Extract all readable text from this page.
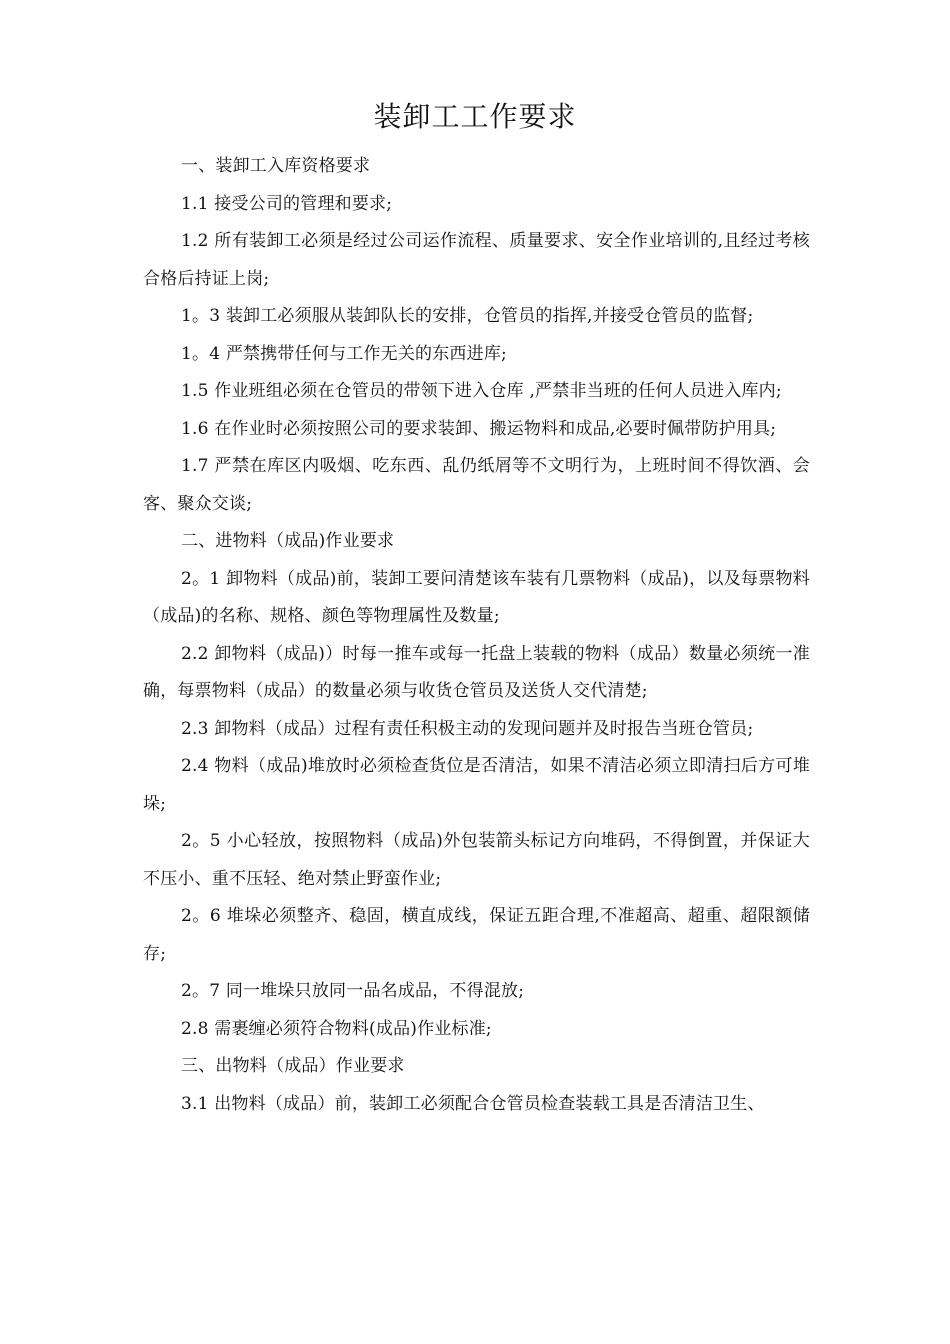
装卸工工作要求

一、装卸工入库资格要求

1.1 接受公司的管理和要求;

1.2 所有装卸工必须是经过公司运作流程、质量要求、安全作业培训的,且经过考核合格后持证上岗;

1。3 装卸工必须服从装卸队长的安排，仓管员的指挥,并接受仓管员的监督;

1。4 严禁携带任何与工作无关的东西进库;

1.5 作业班组必须在仓管员的带领下进入仓库 ,严禁非当班的任何人员进入库内;

1.6 在作业时必须按照公司的要求装卸、搬运物料和成品,必要时佩带防护用具;

1.7 严禁在库区内吸烟、吃东西、乱仍纸屑等不文明行为，上班时间不得饮酒、会客、聚众交谈;

二、进物料（成品)作业要求

2。1 卸物料（成品)前，装卸工要问清楚该车装有几票物料（成品)，以及每票物料（成品)的名称、规格、颜色等物理属性及数量;

2.2 卸物料（成品)）时每一推车或每一托盘上装载的物料（成品）数量必须统一准确，每票物料（成品）的数量必须与收货仓管员及送货人交代清楚;

2.3 卸物料（成品）过程有责任积极主动的发现问题并及时报告当班仓管员;

2.4 物料（成品)堆放时必须检查货位是否清洁，如果不清洁必须立即清扫后方可堆垛;

2。5 小心轻放，按照物料（成品)外包装箭头标记方向堆码，不得倒置，并保证大不压小、重不压轻、绝对禁止野蛮作业;

2。6 堆垛必须整齐、稳固，横直成线，保证五距合理,不准超高、超重、超限额储存;

2。7 同一堆垛只放同一品名成品，不得混放;

2.8 需裹缠必须符合物料(成品)作业标准;

三、出物料（成品）作业要求

3.1 出物料（成品）前，装卸工必须配合仓管员检查装载工具是否清洁卫生、
